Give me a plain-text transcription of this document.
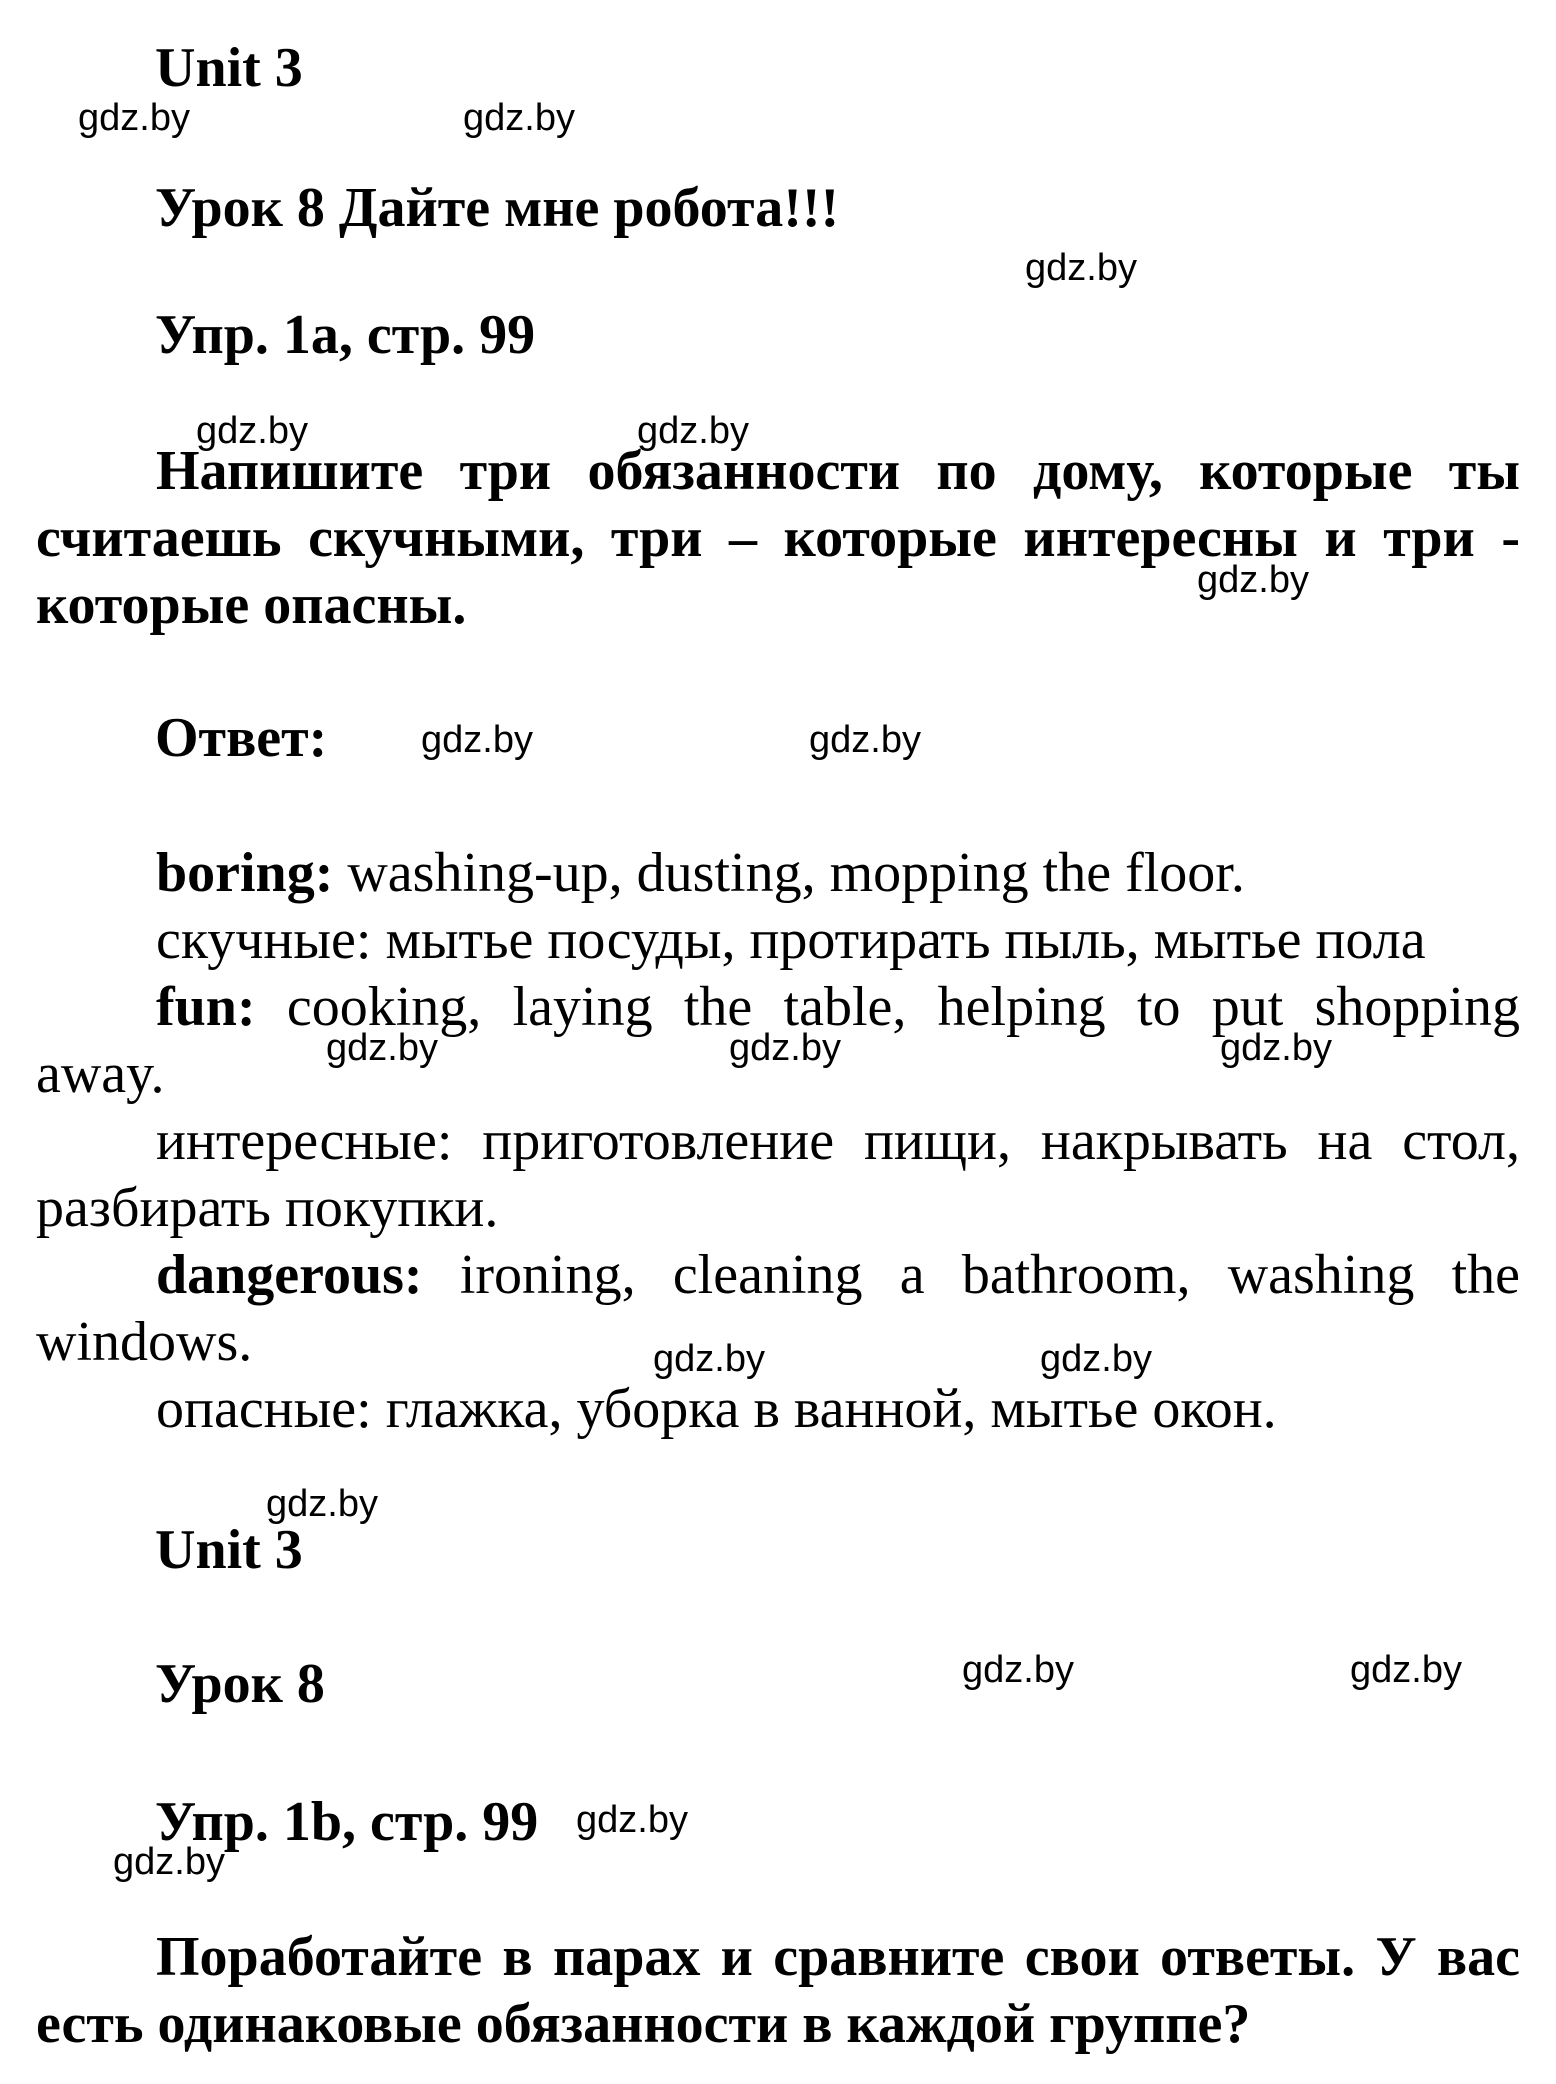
Unit 3
Урок 8 Дайте мне робота!!!
Упр. 1a, стр. 99
Напишите три обязанности по дому, которые ты считаешь скучными, три – которые интересны и три - которые опасны.
Ответ:
boring: washing-up, dusting, mopping the floor.
скучные: мытье посуды, протирать пыль, мытье пола
fun: cooking, laying the table, helping to put shopping away.
интересные: приготовление пищи, накрывать на стол, разбирать покупки.
dangerous: ironing, cleaning a bathroom, washing the windows.
опасные: глажка, уборка в ванной, мытье окон.
Unit 3
Урок 8
Упр. 1b, стр. 99
Поработайте в парах и сравните свои ответы. У вас есть одинаковые обязанности в каждой группе?
gdz.by	gdz.by
gdz.by
gdz.by	gdz.by
gdz.by
gdz.by	gdz.by
gdz.by	gdz.by	gdz.by
gdz.by	gdz.by
gdz.by
gdz.by	gdz.by
gdz.by
gdz.by
